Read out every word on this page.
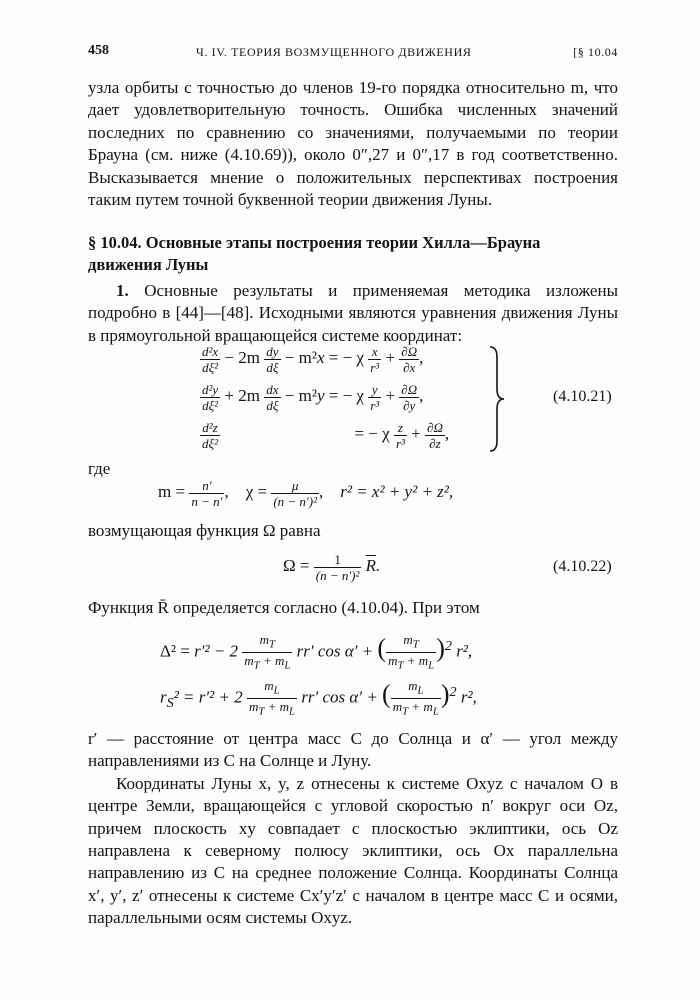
458	Ч. IV. ТЕОРИЯ ВОЗМУЩЕННОГО ДВИЖЕНИЯ	[§ 10.04

узла орбиты с точностью до членов 19-го порядка относительно m, что дает удовлетворительную точность. Ошибка численных значений последних по сравнению со значениями, получаемыми по теории Брауна (см. ниже (4.10.69)), около 0″,27 и 0″,17 в год соответственно. Высказывается мнение о положительных перспективах построения таким путем точной буквенной теории движения Луны.

§ 10.04. Основные этапы построения теории Хилла—Брауна движения Луны

1. Основные результаты и применяемая методика изложены подробно в [44]—[48]. Исходными являются уравнения движения Луны в прямоугольной вращающейся системе координат:

$\frac{\text{d²x}}{\text{dξ²}} - 2m \frac{dy}{d\xi} - m^2x$ = − χ $\frac{x}{\text{r³}} + \frac{\partial\Omega}{\partial x}$ ,
$\frac{\text{d²y}}{\text{dξ²}} + 2m \frac{dx}{d\xi} - m^2y$ = − χ $\frac{y}{\text{r³}} + \frac{\partial\Omega}{\partial y}$ ,
$\frac{\text{d²z}}{\text{dξ²}}$	= − χ $\frac{z}{\text{r³}} + \frac{\partial\Omega}{\partial z}$ ,
(4.10.21)
где
$m = \frac{n'}{n - n'}$ ,    $\chi = \frac{\mu}{\text{(n − n′)²}}$ ,    r² = x² + y² + z²,
возмущающая функция Ω равна
$\Omega = \frac{1}{\text{(n − n′)²}} \overline{R}$.	(4.10.22)
Функция R̄ определяется согласно (4.10.04). При этом
$\Delta^2 = r'^2 - 2 \frac{m_T}{m_T + m_L} rr'$ cos α′ + ( $\frac{m_T}{m_T + m_L} )^2$ r²,
$r_S^2 = r'^2 + 2 \frac{m_L}{m_T + m_L} rr'$ cos α′ + ( $\frac{m_L}{m_T + m_L} )^2$ r²,

r′ — расстояние от центра масс C до Солнца и α′ — угол между направлениями из C на Солнце и Луну.

Координаты Луны x, y, z отнесены к системе Oxyz с началом O в центре Земли, вращающейся с угловой скоростью n′ вокруг оси Oz, причем плоскость xy совпадает с плоскостью эклиптики, ось Oz направлена к северному полюсу эклиптики, ось Ox параллельна направлению из C на среднее положение Солнца. Координаты Солнца x′, y′, z′ отнесены к системе Cx′y′z′ с началом в центре масс C и осями, параллельными осям системы Oxyz.
